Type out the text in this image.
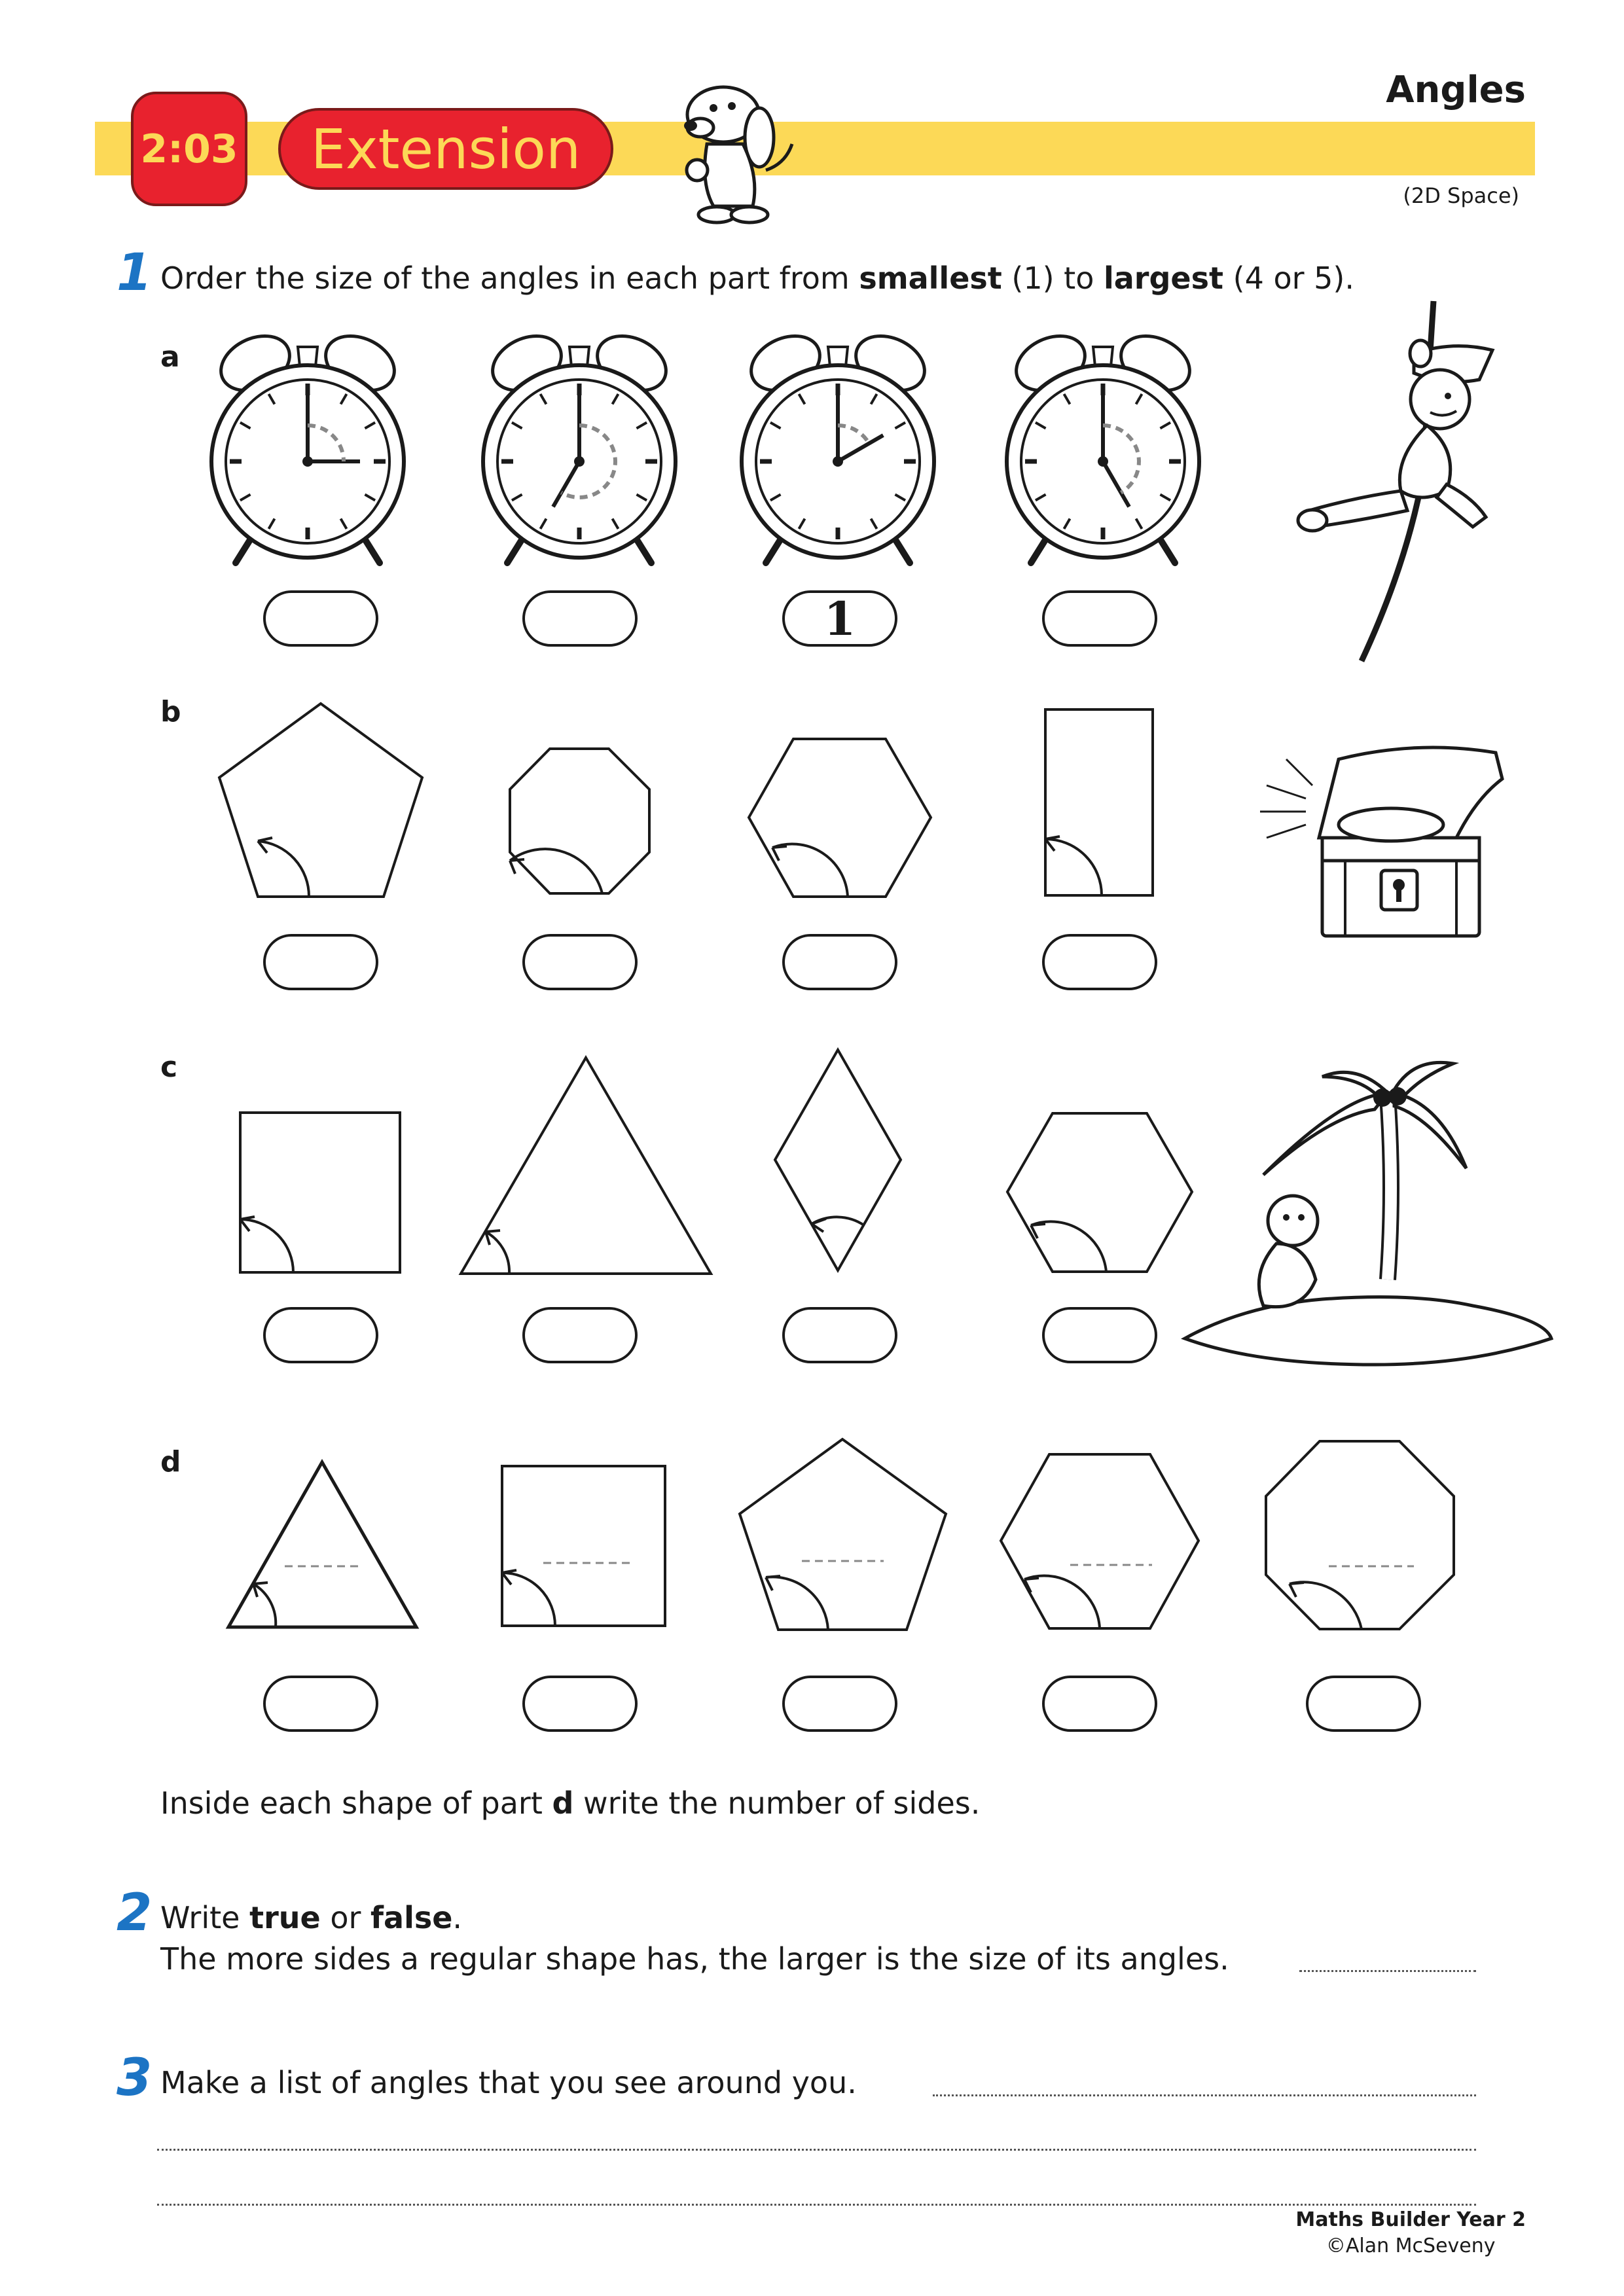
Angles
(2D Space)
2:03	Extension
1 Order the size of the angles in each part from smallest (1) to largest (4 or 5).
a
b
c
d
1
Inside each shape of part d write the number of sides.
2 Write true or false.
The more sides a regular shape has, the larger is the size of its angles.
3 Make a list of angles that you see around you.
Maths Builder Year 2
©Alan McSeveny
